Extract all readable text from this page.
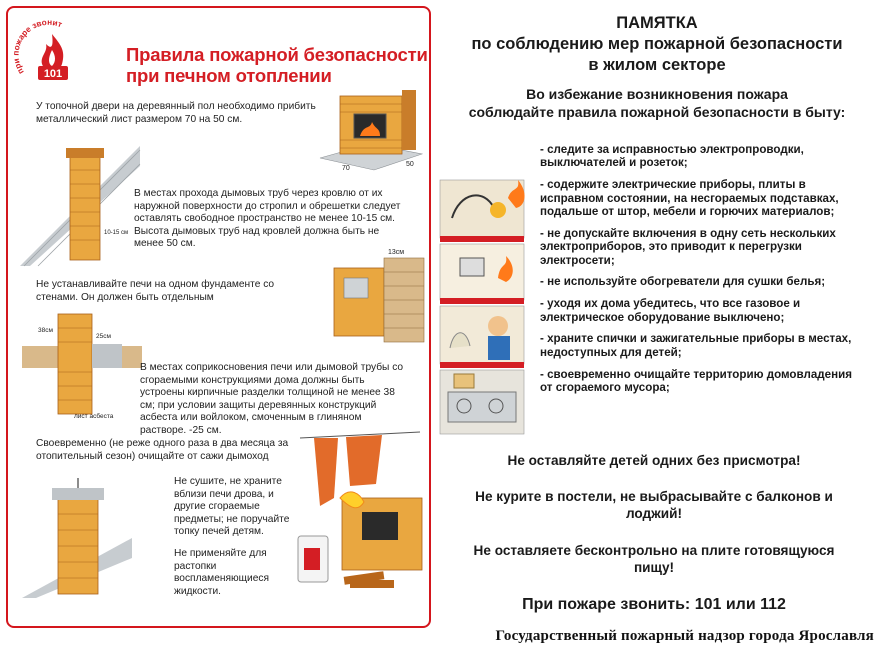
101
при пожаре звонить
Правила пожарной безопасности
при печном отоплении
У топочной двери на деревянный пол необходимо прибить металлический лист размером 70 на 50 см.
70
50
10-15 см
В местах прохода дымовых труб через кровлю от их наружной поверхности до стропил и обрешетки следует оставлять свободное пространство не менее 10-15 см. Высота дымовых труб над кровлей должна быть не менее 50 см.
Не устанавливайте печи на одном фундаменте со стенами. Он должен быть отдельным
13см
38см
25см
лист асбеста
В местах соприкосновения печи или дымовой трубы со сгораемыми конструкциями дома должны быть устроены кирпичные разделки толщиной не менее 38 см; при условии защиты деревянных конструкций асбеста или войлоком, смоченным в глиняном растворе. -25 см.
Своевременно (не реже одного раза в два месяца за отопительный сезон) очищайте от сажи дымоход
Не сушите, не храните вблизи печи дрова, и другие сгораемые предметы; не поручайте топку печей детям.
Не применяйте для растопки воспламеняющиеся жидкости.
ПАМЯТКА
по соблюдению мер пожарной безопасности
в жилом секторе
Во избежание возникновения пожара
соблюдайте правила пожарной безопасности в быту:
- следите за исправностью электропроводки, выключателей и розеток;
- содержите электрические приборы, плиты в исправном состоянии, на несгораемых подставках, подальше от штор, мебели и горючих материалов;
- не допускайте включения в одну сеть нескольких электроприборов, это приводит к перегрузки электросети;
- не используйте обогреватели для сушки белья;
- уходя их дома убедитесь, что все газовое и электрическое оборудование выключено;
- храните спички и зажигательные приборы в местах, недоступных для детей;
- своевременно очищайте территорию домовладения от сгораемого мусора;
Не оставляйте детей одних без присмотра!
Не курите в постели, не выбрасывайте с балконов и лоджий!
Не оставляете бесконтрольно на плите готовящуюся пищу!
При пожаре звонить: 101 или 112
Государственный пожарный надзор города Ярославля
